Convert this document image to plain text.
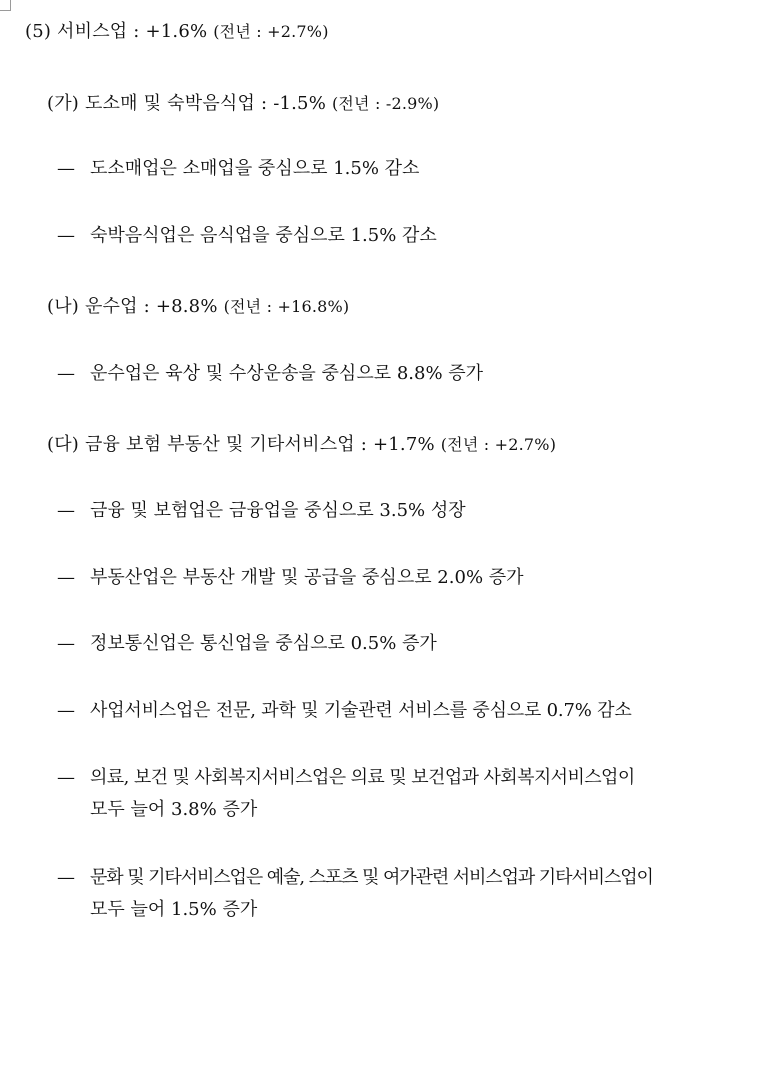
(5) 서비스업 : +1.6% (전년 : +2.7%)
(가) 도소매 및 숙박음식업 : -1.5% (전년 : -2.9%)
— 도소매업은 소매업을 중심으로 1.5% 감소
— 숙박음식업은 음식업을 중심으로 1.5% 감소
(나) 운수업 : +8.8% (전년 : +16.8%)
— 운수업은 육상 및 수상운송을 중심으로 8.8% 증가
(다) 금융 보험 부동산 및 기타서비스업 : +1.7% (전년 : +2.7%)
— 금융 및 보험업은 금융업을 중심으로 3.5% 성장
— 부동산업은 부동산 개발 및 공급을 중심으로 2.0% 증가
— 정보통신업은 통신업을 중심으로 0.5% 증가
— 사업서비스업은 전문, 과학 및 기술관련 서비스를 중심으로 0.7% 감소
— 의료, 보건 및 사회복지서비스업은 의료 및 보건업과 사회복지서비스업이
모두 늘어 3.8% 증가
— 문화 및 기타서비스업은 예술, 스포츠 및 여가관련 서비스업과 기타서비스업이
모두 늘어 1.5% 증가
